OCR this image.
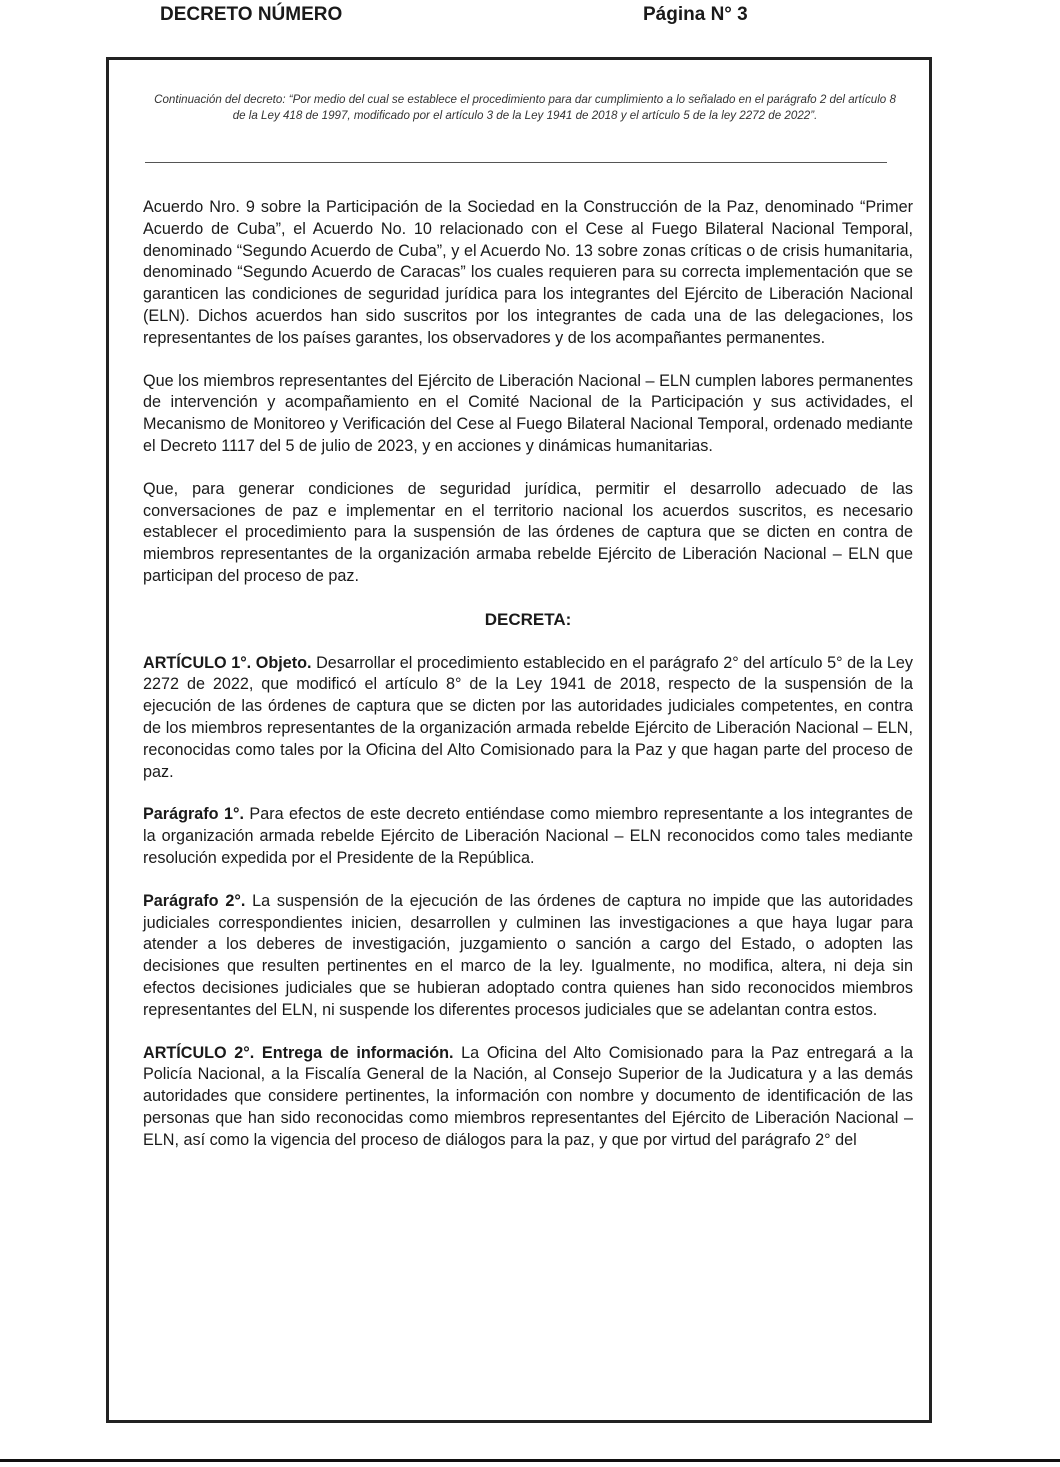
DECRETO NÚMERO	Página N° 3
Continuación del decreto: “Por medio del cual se establece el procedimiento para dar cumplimiento a lo señalado en el parágrafo 2 del artículo 8 de la Ley 418 de 1997, modificado por el artículo 3 de la Ley 1941 de 2018 y el artículo 5 de la ley 2272 de 2022”.

Acuerdo Nro. 9 sobre la Participación de la Sociedad en la Construcción de la Paz, denominado “Primer Acuerdo de Cuba”, el Acuerdo No. 10 relacionado con el Cese al Fuego Bilateral Nacional Temporal, denominado “Segundo Acuerdo de Cuba”, y el Acuerdo No. 13 sobre zonas críticas o de crisis humanitaria, denominado “Segundo Acuerdo de Caracas” los cuales requieren para su correcta implementación que se garanticen las condiciones de seguridad jurídica para los integrantes del Ejército de Liberación Nacional (ELN). Dichos acuerdos han sido suscritos por los integrantes de cada una de las delegaciones, los representantes de los países garantes, los observadores y de los acompañantes permanentes.

Que los miembros representantes del Ejército de Liberación Nacional – ELN cumplen labores permanentes de intervención y acompañamiento en el Comité Nacional de la Participación y sus actividades, el Mecanismo de Monitoreo y Verificación del Cese al Fuego Bilateral Nacional Temporal, ordenado mediante el Decreto 1117 del 5 de julio de 2023, y en acciones y dinámicas humanitarias.

Que, para generar condiciones de seguridad jurídica, permitir el desarrollo adecuado de las conversaciones de paz e implementar en el territorio nacional los acuerdos suscritos, es necesario establecer el procedimiento para la suspensión de las órdenes de captura que se dicten en contra de miembros representantes de la organización armaba rebelde Ejército de Liberación Nacional – ELN que participan del proceso de paz.

DECRETA:

ARTÍCULO 1°. Objeto. Desarrollar el procedimiento establecido en el parágrafo 2° del artículo 5° de la Ley 2272 de 2022, que modificó el artículo 8° de la Ley 1941 de 2018, respecto de la suspensión de la ejecución de las órdenes de captura que se dicten por las autoridades judiciales competentes, en contra de los miembros representantes de la organización armada rebelde Ejército de Liberación Nacional – ELN, reconocidas como tales por la Oficina del Alto Comisionado para la Paz y que hagan parte del proceso de paz.

Parágrafo 1°. Para efectos de este decreto entiéndase como miembro representante a los integrantes de la organización armada rebelde Ejército de Liberación Nacional – ELN reconocidos como tales mediante resolución expedida por el Presidente de la República.

Parágrafo 2°. La suspensión de la ejecución de las órdenes de captura no impide que las autoridades judiciales correspondientes inicien, desarrollen y culminen las investigaciones a que haya lugar para atender a los deberes de investigación, juzgamiento o sanción a cargo del Estado, o adopten las decisiones que resulten pertinentes en el marco de la ley. Igualmente, no modifica, altera, ni deja sin efectos decisiones judiciales que se hubieran adoptado contra quienes han sido reconocidos miembros representantes del ELN, ni suspende los diferentes procesos judiciales que se adelantan contra estos.

ARTÍCULO 2°. Entrega de información. La Oficina del Alto Comisionado para la Paz entregará a la Policía Nacional, a la Fiscalía General de la Nación, al Consejo Superior de la Judicatura y a las demás autoridades que considere pertinentes, la información con nombre y documento de identificación de las personas que han sido reconocidas como miembros representantes del Ejército de Liberación Nacional – ELN, así como la vigencia del proceso de diálogos para la paz, y que por virtud del parágrafo 2° del
